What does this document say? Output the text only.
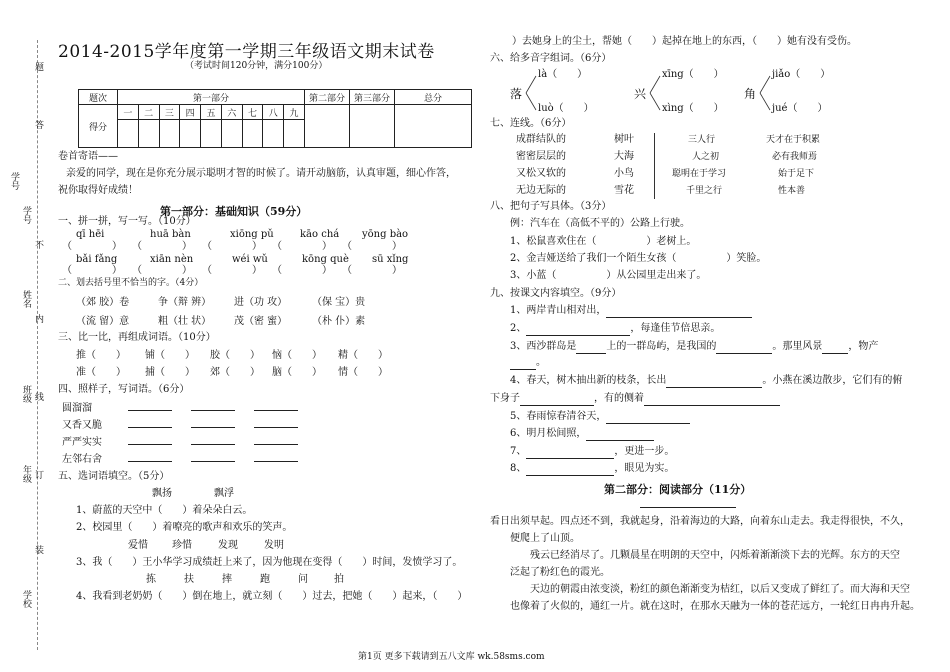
题
答
学号
学号
不
姓名
内
班级 线
年级 订
装
学校
2014-2015学年度第一学期三年级语文期末试卷
（考试时间120分钟，满分100分）
题次	第一部分									第二部分	第三部分	总分
得分	一	二	三	四	五	六	七	八	九			

卷首寄语——
亲爱的同学，现在是你充分展示聪明才智的时候了。请开动脑筋，认真审题，细心作答，
祝你取得好成绩！
第一部分：基础知识（59分）
一、拼一拼，写一写。（10分）
qī hēi	huā bàn	xiōng pǔ	kāo chá yōng bào
（　　　　）　　（　　　　）　　（　　　　）　　（　　　　）　　（　　　　）
bǎi fǎng	xiān nèn	wéi wǔ	kōng què sū xǐng
（　　　　）　　（　　　　）　　（　　　　）　　（　　　　）　　（　　　　）
二、划去括号里不恰当的字。（4分）
（郊 胶）卷	争（辩 辨） 进（功 攻） （保 宝）贵
（流 留）意	粗（壮 状） 茂（密 蜜） （朴 仆）素
三、比一比，再组成词语。（10分）
推（　　） 铺（　　） 胶（　　） 恼（　　） 精（　　）
准（　　） 捕（　　） 郊（　　） 脑（　　） 情（　　）
四、照样子，写词语。（6分）
圆溜溜
又香又脆
严严实实
左邻右舍
五、选词语填空。（5分）
飘扬	飘浮
1、蔚蓝的天空中（　　）着朵朵白云。
2、校园里（　　）着嘹亮的歌声和欢乐的笑声。
爱惜 珍惜	发现	发明
3、我（　　）王小华学习成绩赶上来了，因为他现在变得（　　）时间，发愤学习了。
拣	扶	摔	跑	问	拍
4、我看到老奶奶（　　）倒在地上，就立刻（　　）过去，把她（　　）起来，（　　）
）去她身上的尘土，帮她（　　）起掉在地上的东西，（　　）她有没有受伤。
六、给多音字组词。（6分）
落
là（　　）
luò（　　）
兴
xīng（　　）
xìng（　　）
角
jiǎo（　　）
jué（　　）
七、连线。（6分）
成群结队的
密密层层的
又松又软的
无边无际的
树叶
大海
小鸟
雪花
三人行
人之初
聪明在于学习
千里之行
天才在于积累
必有我师焉
始于足下
性本善
八、把句子写具体。（3分）
例：汽车在（高低不平的）公路上行驶。
1、松鼠喜欢住在（　　　　　）老树上。
2、金吉娅送给了我们一个陌生女孩（　　　　　）笑脸。
3、小蓝（　　　　　）从公园里走出来了。
九、按课文内容填空。（9分）
1、两岸青山相对出，
2、	，每逢佳节倍思亲。
3、西沙群岛是	上的一群岛屿，是我国的	。那里风景	，物产
。
4、春天，树木抽出新的枝条，长出	。小燕在溪边散步，它们有的俯
下身子	，有的侧着
5、春雨惊春清谷天，
6、明月松间照，
7、	，更进一步。
8、	，眼见为实。
第二部分：阅读部分（11分）
看日出须早起。四点还不到，我就起身，沿着海边的大路，向着东山走去。我走得很快，不久，
便爬上了山顶。
残云已经消尽了。几颗晨星在明朗的天空中，闪烁着渐渐淡下去的光辉。东方的天空
泛起了粉红色的霞光。
天边的朝霞由浓变淡，粉红的颜色渐渐变为桔红，以后又变成了鲜红了。而大海和天空
也像着了火似的，通红一片。就在这时，在那水天融为一体的苍茫远方，一轮红日冉冉升起。
第1页 更多下载请到五八文库 wk.58sms.com
